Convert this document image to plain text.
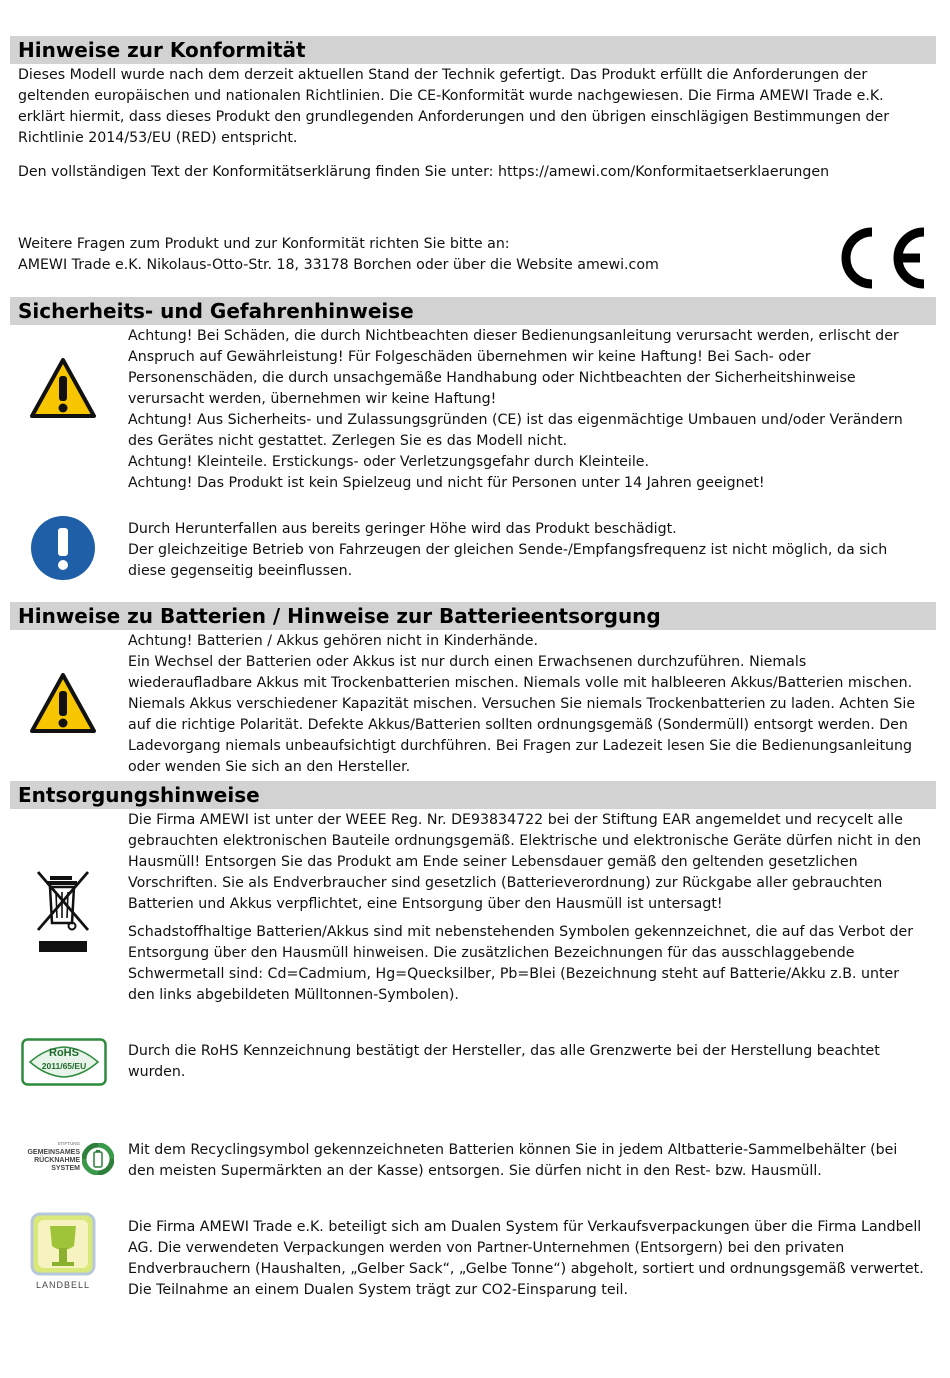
Hinweise zur Konformität

Dieses Modell wurde nach dem derzeit aktuellen Stand der Technik gefertigt. Das Produkt erfüllt die Anforderungen der geltenden europäischen und nationalen Richtlinien. Die CE-Konformität wurde nachgewiesen. Die Firma AMEWI Trade e.K. erklärt hiermit, dass dieses Produkt den grundlegenden Anforderungen und den übrigen einschlägigen Bestimmungen der Richtlinie 2014/53/EU (RED) entspricht.

Den vollständigen Text der Konformitätserklärung finden Sie unter: https://amewi.com/Konformitaetserklaerungen

Weitere Fragen zum Produkt und zur Konformität richten Sie bitte an:

AMEWI Trade e.K. Nikolaus-Otto-Str. 18, 33178 Borchen oder über die Website amewi.com

Sicherheits- und Gefahrenhinweise

Achtung! Bei Schäden, die durch Nichtbeachten dieser Bedienungsanleitung verursacht werden, erlischt der Anspruch auf Gewährleistung! Für Folgeschäden übernehmen wir keine Haftung! Bei Sach- oder Personenschäden, die durch unsachgemäße Handhabung oder Nichtbeachten der Sicherheitshinweise verursacht werden, übernehmen wir keine Haftung!

Achtung! Aus Sicherheits- und Zulassungsgründen (CE) ist das eigenmächtige Umbauen und/oder Verändern des Gerätes nicht gestattet. Zerlegen Sie es das Modell nicht.

Achtung! Kleinteile. Erstickungs- oder Verletzungsgefahr durch Kleinteile.

Achtung! Das Produkt ist kein Spielzeug und nicht für Personen unter 14 Jahren geeignet!

Durch Herunterfallen aus bereits geringer Höhe wird das Produkt beschädigt.

Der gleichzeitige Betrieb von Fahrzeugen der gleichen Sende-/Empfangsfrequenz ist nicht möglich, da sich diese gegenseitig beeinflussen.

Hinweise zu Batterien / Hinweise zur Batterieentsorgung

Achtung! Batterien / Akkus gehören nicht in Kinderhände.

Ein Wechsel der Batterien oder Akkus ist nur durch einen Erwachsenen durchzuführen. Niemals wiederaufladbare Akkus mit Trockenbatterien mischen. Niemals volle mit halbleeren Akkus/Batterien mischen. Niemals Akkus verschiedener Kapazität mischen. Versuchen Sie niemals Trockenbatterien zu laden. Achten Sie auf die richtige Polarität. Defekte Akkus/Batterien sollten ordnungsgemäß (Sondermüll) entsorgt werden. Den Ladevorgang niemals unbeaufsichtigt durchführen. Bei Fragen zur Ladezeit lesen Sie die Bedienungsanleitung oder wenden Sie sich an den Hersteller.

Entsorgungshinweise
Die Firma AMEWI ist unter der WEEE Reg. Nr. DE93834722 bei der Stiftung EAR angemeldet und recycelt alle gebrauchten elektronischen Bauteile ordnungsgemäß. Elektrische und elektronische Geräte dürfen nicht in den Hausmüll! Entsorgen Sie das Produkt am Ende seiner Lebensdauer gemäß den geltenden gesetzlichen Vorschriften. Sie als Endverbraucher sind gesetzlich (Batterieverordnung) zur Rückgabe aller gebrauchten Batterien und Akkus verpflichtet, eine Entsorgung über den Hausmüll ist untersagt!
Schadstoffhaltige Batterien/Akkus sind mit nebenstehenden Symbolen gekennzeichnet, die auf das Verbot der Entsorgung über den Hausmüll hinweisen. Die zusätzlichen Bezeichnungen für das ausschlaggebende Schwermetall sind: Cd=Cadmium, Hg=Quecksilber, Pb=Blei (Bezeichnung steht auf Batterie/Akku z.B. unter den links abgebildeten Mülltonnen-Symbolen).
RoHS
2011/65/EU
Durch die RoHS Kennzeichnung bestätigt der Hersteller, das alle Grenzwerte bei der Herstellung beachtet wurden.
STIFTUNG
GEMEINSAMES
RÜCKNAHME
SYSTEM
Mit dem Recyclingsymbol gekennzeichneten Batterien können Sie in jedem Altbatterie-Sammelbehälter (bei den meisten Supermärkten an der Kasse) entsorgen. Sie dürfen nicht in den Rest- bzw. Hausmüll.
LANDBELL
Die Firma AMEWI Trade e.K. beteiligt sich am Dualen System für Verkaufsverpackungen über die Firma Landbell AG. Die verwendeten Verpackungen werden von Partner-Unternehmen (Entsorgern) bei den privaten Endverbrauchern (Haushalten, „Gelber Sack“, „Gelbe Tonne“) abgeholt, sortiert und ordnungsgemäß verwertet. Die Teilnahme an einem Dualen System trägt zur CO2-Einsparung teil.
